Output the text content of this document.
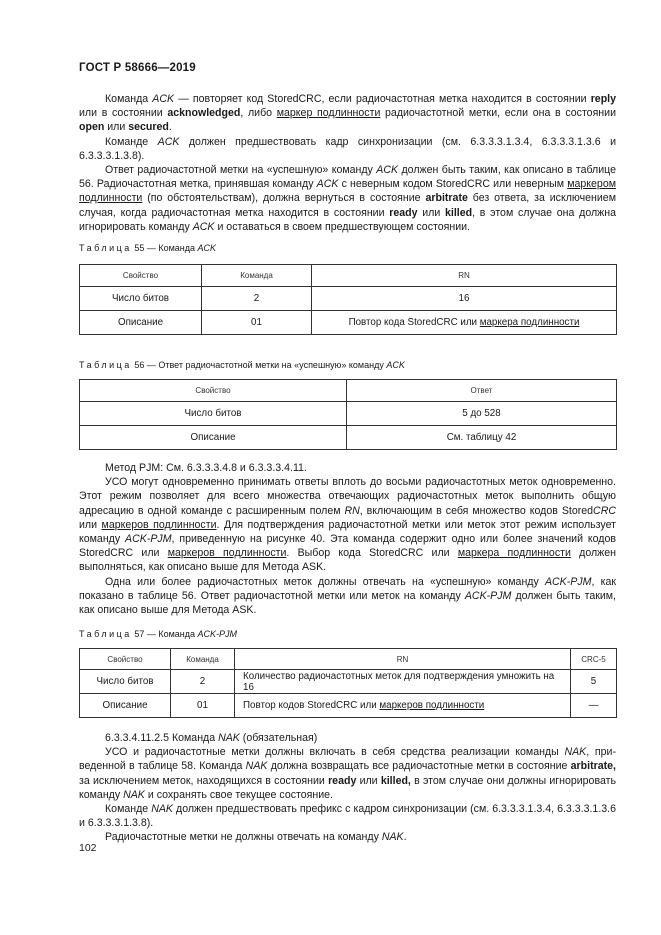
ГОСТ Р 58666—2019

Команда ACK — повторяет код StoredCRC, если радиочастотная метка находится в состоянии reply или в состоянии acknowledged, либо маркер подлинности радиочастотной метки, если она в состоянии open или secured.

Команде ACK должен предшествовать кадр синхронизации (см. 6.3.3.3.1.3.4, 6.3.3.3.1.3.6 и 6.3.3.3.1.3.8).

Ответ радиочастотной метки на «успешную» команду ACK должен быть таким, как описано в таблице 56. Радиочастотная метка, принявшая команду ACK с неверным кодом StoredCRC или неверным маркером подлинности (по обстоятельствам), должна вернуться в состояние arbitrate без ответа, за исключением случая, когда радиочастотная метка находится в состоянии ready или killed, в этом случае она должна игнорировать команду ACK и оставаться в своем предшествующем состоянии.

Таблица 55 — Команда ACK
Свойство	Команда	RN
Число битов	2	16
Описание	01	Повтор кода StoredCRC или маркера подлинности
Таблица 56 — Ответ радиочастотной метки на «успешную» команду ACK
Свойство	Ответ
Число битов	5 до 528
Описание	См. таблицу 42

Метод PJM: См. 6.3.3.3.4.8 и 6.3.3.3.4.11.

УСО могут одновременно принимать ответы вплоть до восьми радиочастотных меток одновременно. Этот режим позволяет для всего множества отвечающих радиочастотных меток выполнить общую адресацию в одной команде с расширенным полем RN, включающим в себя множество кодов StoredCRC или маркеров подлинности. Для подтверждения радиочастотной метки или меток этот режим использует команду ACK-PJM, приведенную на рисунке 40. Эта команда содержит одно или более значений кодов StoredCRC или маркеров подлинности. Выбор кода StoredCRC или маркера подлинности должен выполняться, как описано выше для Метода ASK.

Одна или более радиочастотных меток должны отвечать на «успешную» команду ACK-PJM, как показано в таблице 56. Ответ радиочастотной метки или меток на команду ACK-PJM должен быть таким, как описано выше для Метода ASK.

Таблица 57 — Команда ACK-PJM
Свойство	Команда	RN	CRC-5
Число битов	2	Количество радиочастотных меток для подтверждения умножить на 16	5
Описание	01	Повтор кодов StoredCRC или маркеров подлинности	—

6.3.3.4.11.2.5 Команда NAK (обязательная)

УСО и радиочастотные метки должны включать в себя средства реализации команды NAK, приведенной в таблице 58. Команда NAK должна возвращать все радиочастотные метки в состояние arbitrate, за исключением меток, находящихся в состоянии ready или killed, в этом случае они должны игнорировать команду NAK и сохранять свое текущее состояние.

Команде NAK должен предшествовать префикс с кадром синхронизации (см. 6.3.3.3.1.3.4, 6.3.3.3.1.3.6 и 6.3.3.3.1.3.8).

Радиочастотные метки не должны отвечать на команду NAK.

102
